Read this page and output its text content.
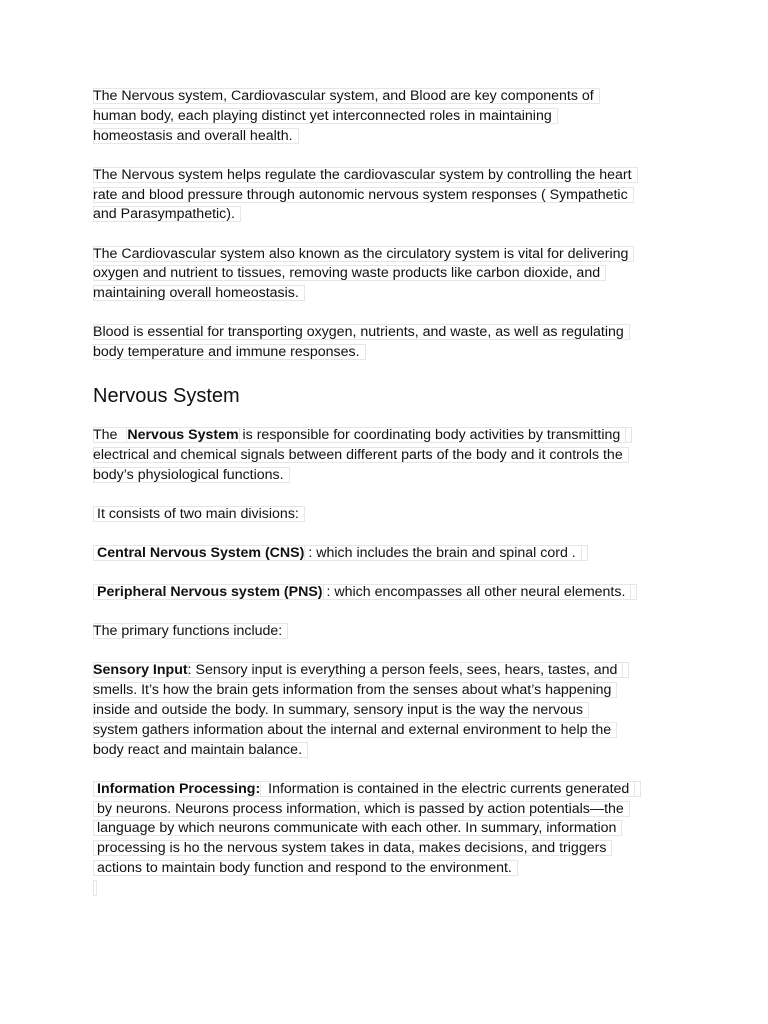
The Nervous system, Cardiovascular system, and Blood are key components of
human body, each playing distinct yet interconnected roles in maintaining
homeostasis and overall health.
The Nervous system helps regulate the cardiovascular system by controlling the heart
rate and blood pressure through autonomic nervous system responses ( Sympathetic
and Parasympathetic).
The Cardiovascular system also known as the circulatory system is vital for delivering
oxygen and nutrient to tissues, removing waste products like carbon dioxide, and
maintaining overall homeostasis.
Blood is essential for transporting oxygen, nutrients, and waste, as well as regulating
body temperature and immune responses.
Nervous System
The Nervous System is responsible for coordinating body activities by transmitting
electrical and chemical signals between different parts of the body and it controls the
body’s physiological functions.
It consists of two main divisions:
Central Nervous System (CNS) : which includes the brain and spinal cord .
Peripheral Nervous system (PNS) : which encompasses all other neural elements.
The primary functions include:
Sensory Input: Sensory input is everything a person feels, sees, hears, tastes, and
smells. It’s how the brain gets information from the senses about what’s happening
inside and outside the body. In summary, sensory input is the way the nervous
system gathers information about the internal and external environment to help the
body react and maintain balance.
Information Processing: Information is contained in the electric currents generated
by neurons. Neurons process information, which is passed by action potentials—the
language by which neurons communicate with each other. In summary, information
processing is ho the nervous system takes in data, makes decisions, and triggers
actions to maintain body function and respond to the environment.
